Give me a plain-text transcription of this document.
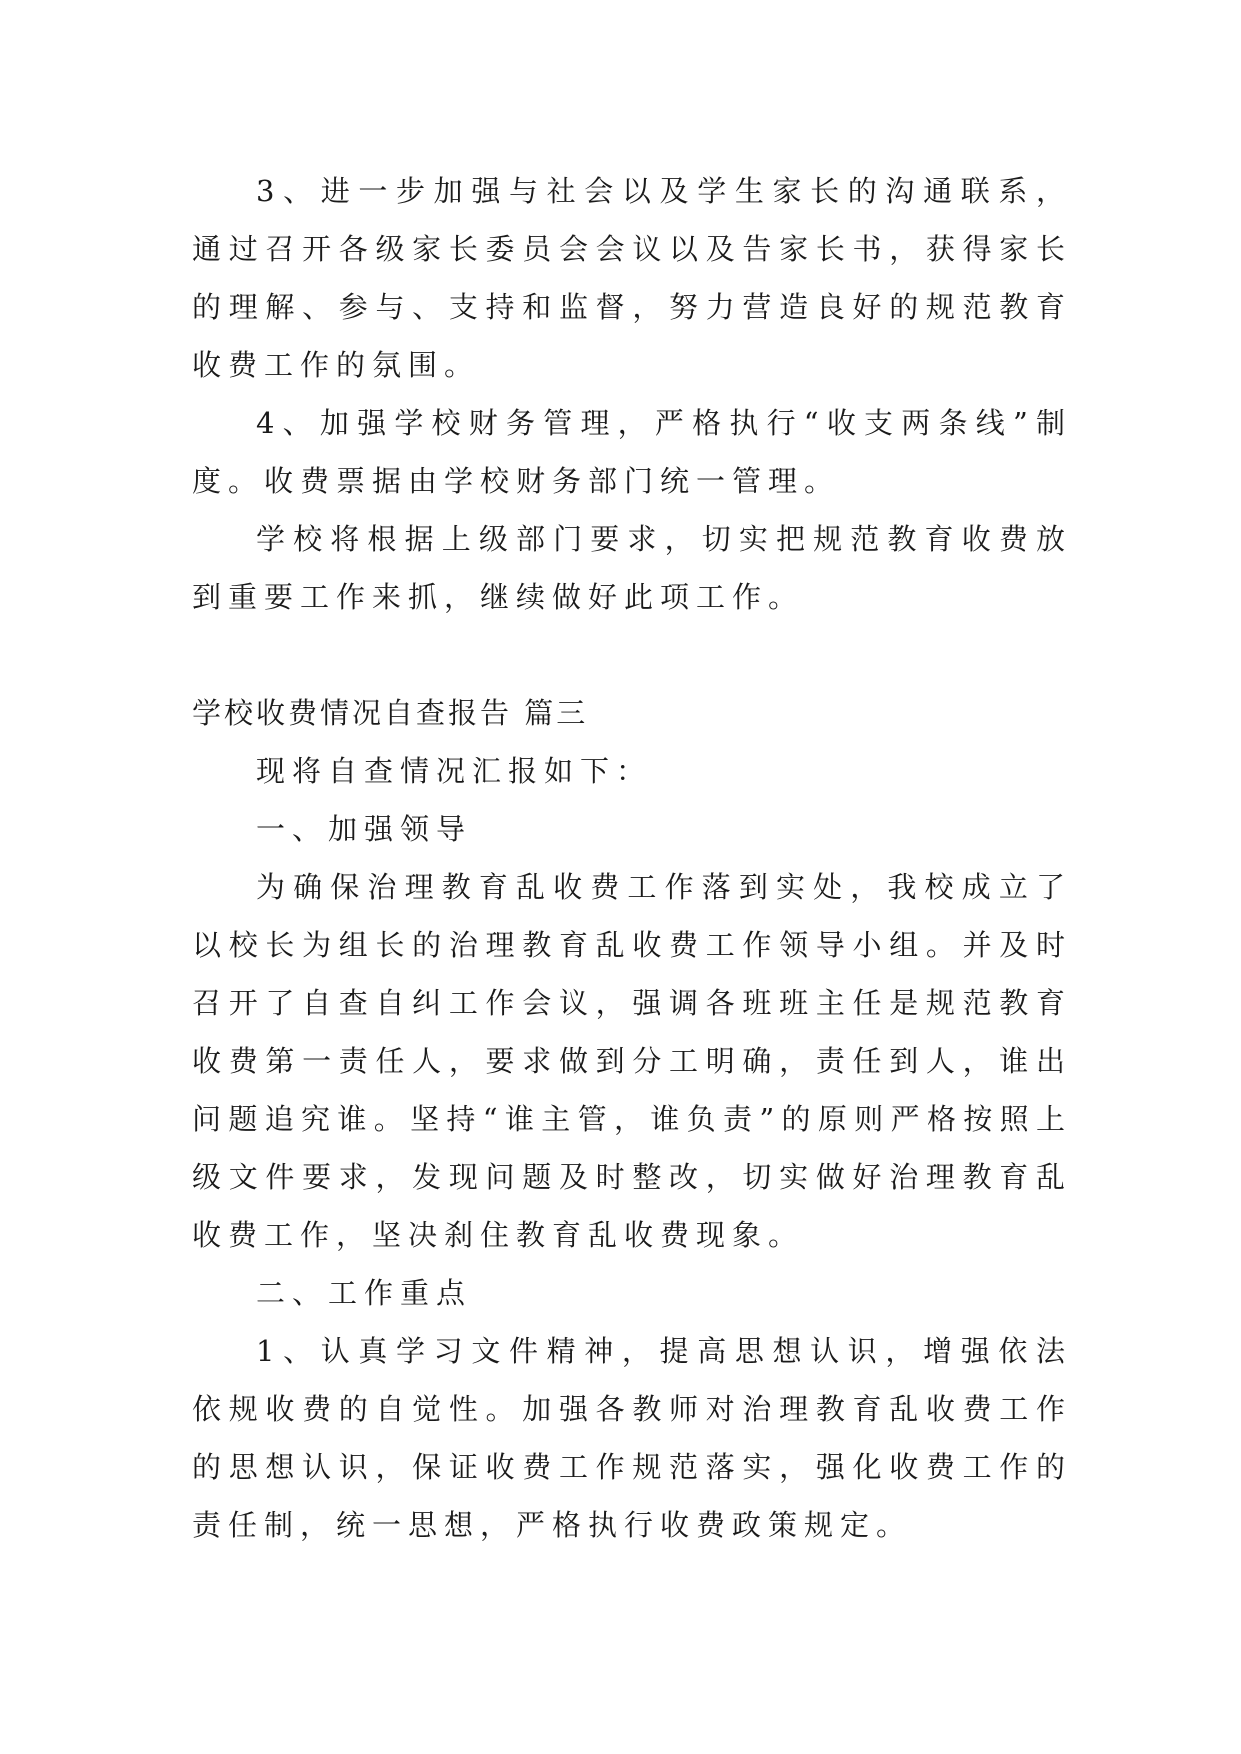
3、进一步加强与社会以及学生家长的沟通联系，通过召开各级家长委员会会议以及告家长书，获得家长的理解、参与、支持和监督，努力营造良好的规范教育收费工作的氛围。

4、加强学校财务管理，严格执行“收支两条线”制度。收费票据由学校财务部门统一管理。

学校将根据上级部门要求，切实把规范教育收费放到重要工作来抓，继续做好此项工作。

学校收费情况自查报告 篇三

现将自查情况汇报如下：

一、加强领导

为确保治理教育乱收费工作落到实处，我校成立了以校长为组长的治理教育乱收费工作领导小组。并及时召开了自查自纠工作会议，强调各班班主任是规范教育收费第一责任人，要求做到分工明确，责任到人，谁出问题追究谁。坚持“谁主管，谁负责”的原则严格按照上级文件要求，发现问题及时整改，切实做好治理教育乱收费工作，坚决刹住教育乱收费现象。

二、工作重点

1、认真学习文件精神，提高思想认识，增强依法依规收费的自觉性。加强各教师对治理教育乱收费工作的思想认识，保证收费工作规范落实，强化收费工作的责任制，统一思想，严格执行收费政策规定。
